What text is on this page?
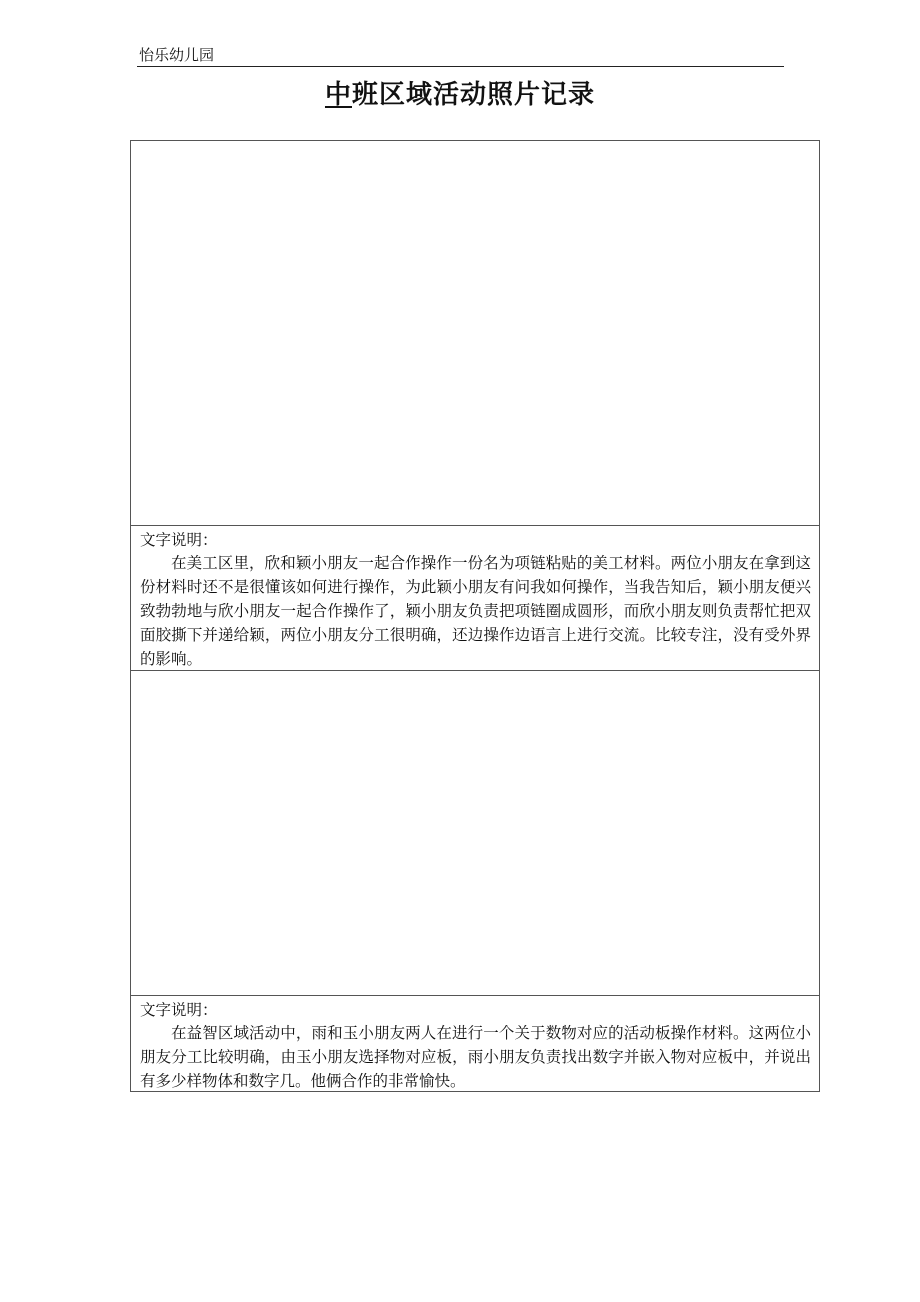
怡乐幼儿园
中班区域活动照片记录
文字说明：
在美工区里，欣和颖小朋友一起合作操作一份名为项链粘贴的美工材料。两位小朋友在拿到这份材料时还不是很懂该如何进行操作，为此颖小朋友有问我如何操作，当我告知后，颖小朋友便兴致勃勃地与欣小朋友一起合作操作了，颖小朋友负责把项链圈成圆形，而欣小朋友则负责帮忙把双面胶撕下并递给颖，两位小朋友分工很明确，还边操作边语言上进行交流。比较专注，没有受外界的影响。
文字说明：
在益智区域活动中，雨和玉小朋友两人在进行一个关于数物对应的活动板操作材料。这两位小朋友分工比较明确，由玉小朋友选择物对应板，雨小朋友负责找出数字并嵌入物对应板中，并说出有多少样物体和数字几。他俩合作的非常愉快。
